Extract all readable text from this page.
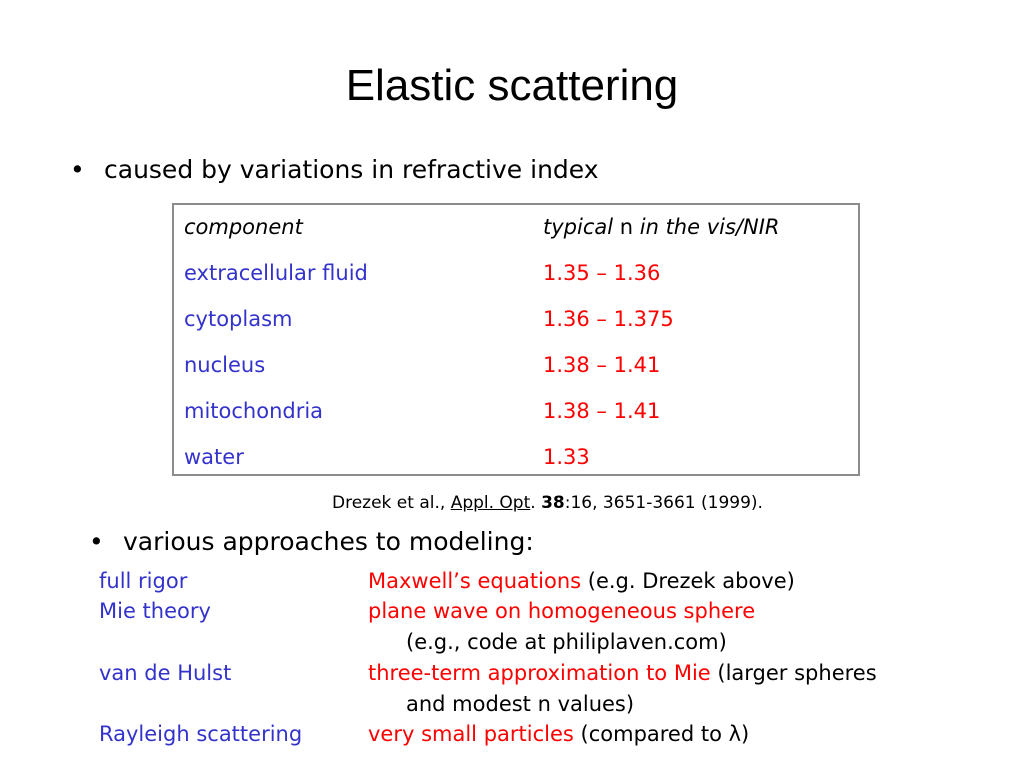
Elastic scattering
• caused by variations in refractive index
component	typical n in the vis/NIR
extracellular fluid	1.35 – 1.36
cytoplasm	1.36 – 1.375
nucleus	1.38 – 1.41
mitochondria	1.38 – 1.41
water	1.33
Drezek et al., Appl. Opt. 38:16, 3651-3661 (1999).
• various approaches to modeling:
full rigor	Maxwell’s equations (e.g. Drezek above)
Mie theory	plane wave on homogeneous sphere
(e.g., code at philiplaven.com)
van de Hulst	three-term approximation to Mie (larger spheres
and modest n values)
Rayleigh scattering	very small particles (compared to λ)
